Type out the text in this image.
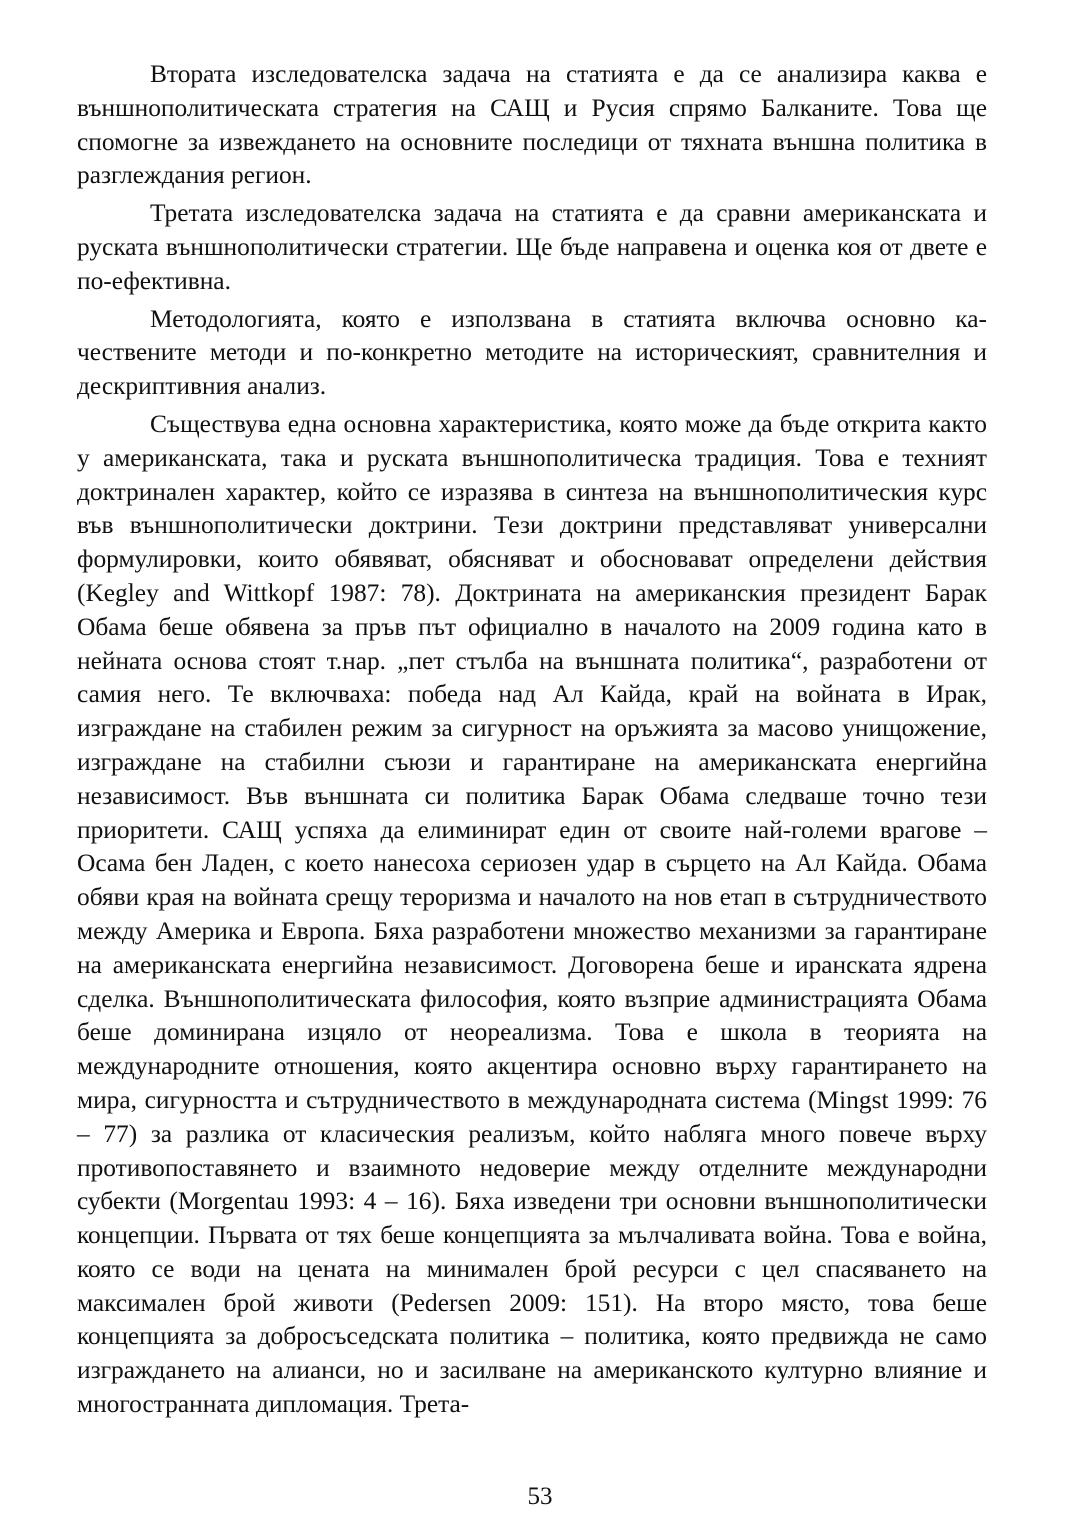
Втората изследователска задача на статията е да се анализира каква е външнополитическата стратегия на САЩ и Русия спрямо Балканите. Това ще спомогне за извеждането на основните последици от тяхната външна политика в разглеждания регион.

Третата изследователска задача на статията е да сравни американската и руската външнополитически стратегии. Ще бъде направена и оценка коя от двете е по-ефективна.

Методологията, която е използвана в статията включва основно качествените методи и по-конкретно методите на историческият, сравнителния и дескриптивния анализ.

Съществува една основна характеристика, която може да бъде открита както у американската, така и руската външнополитическа традиция. Това е техният доктринален характер, който се изразява в синтеза на външнополитическия курс във външнополитически доктрини. Тези доктрини представляват универсални формулировки, които обявяват, обясняват и обосновават определени действия (Kegley and Wittkopf 1987: 78). Доктрината на американския президент Барак Обама беше обявена за пръв път официално в началото на 2009 година като в нейната основа стоят т.нар. „пет стълба на външната политика“, разработени от самия него. Те включваха: победа над Ал Кайда, край на войната в Ирак, изграждане на стабилен режим за сигурност на оръжията за масово унищожение, изграждане на стабилни съюзи и гарантиране на американската енергийна независимост. Във външната си политика Барак Обама следваше точно тези приоритети. САЩ успяха да елиминират един от своите най-големи врагове – Осама бен Ладен, с което нанесоха сериозен удар в сърцето на Ал Кайда. Обама обяви края на войната срещу тероризма и началото на нов етап в сътрудничеството между Америка и Европа. Бяха разработени множество механизми за гарантиране на американската енергийна независимост. Договорена беше и иранската ядрена сделка. Външнополитическата философия, която възприе администрацията Обама беше доминирана изцяло от неореализма. Това е школа в теорията на международните отношения, която акцентира основно върху гарантирането на мира, сигурността и сътрудничеството в международната система (Mingst 1999: 76 – 77) за разлика от класическия реализъм, който набляга много повече върху противопоставянето и взаимното недоверие между отделните международни субекти (Morgentau 1993: 4 – 16). Бяха изведени три основни външнополитически концепции. Първата от тях беше концепцията за мълчаливата война. Това е война, която се води на цената на минимален брой ресурси с цел спасяването на максимален брой животи (Pedersen 2009: 151). На второ място, това беше концепцията за добросъседската политика – политика, която предвижда не само изграждането на алианси, но и засилване на американското културно влияние и многостранната дипломация. Трета-

53
